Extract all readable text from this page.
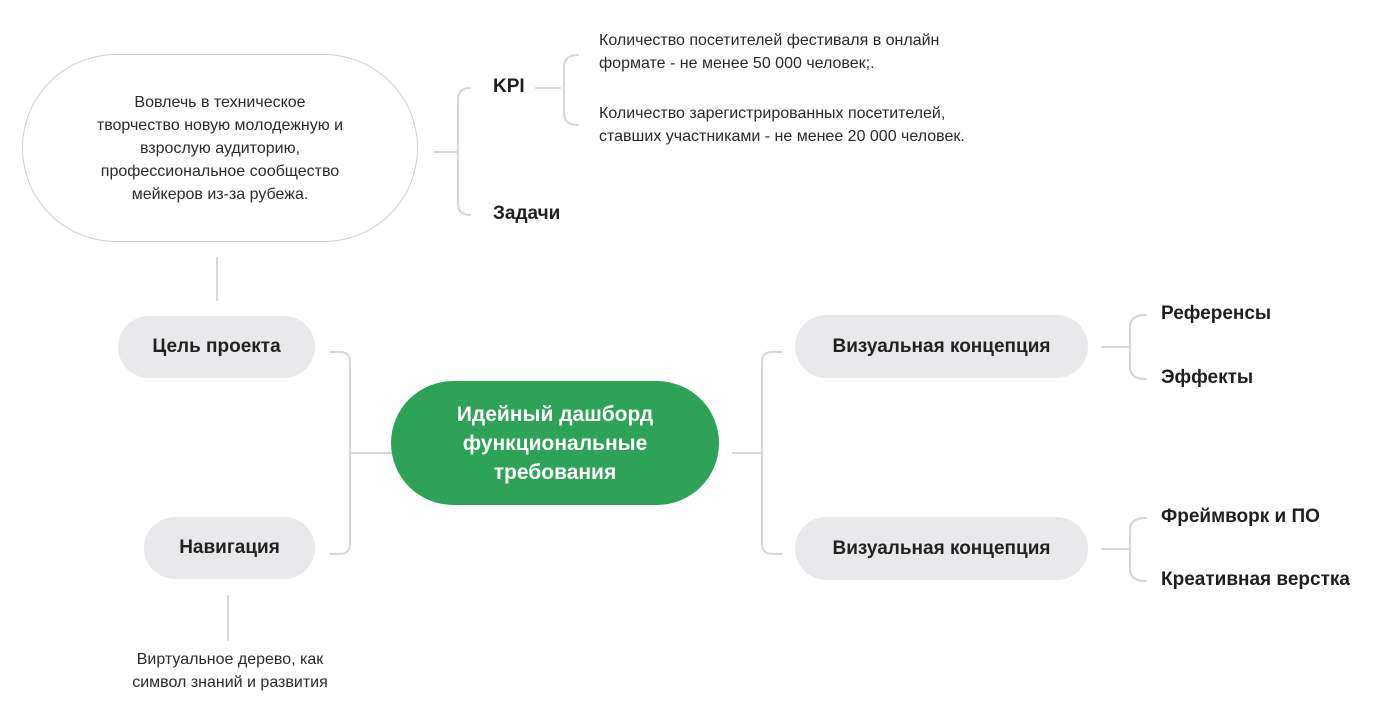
Идейный дашборд
функциональные
требования
Вовлечь в техническое творчество новую молодежную и взрослую аудиторию, профессиональное сообщество мейкеров из-за рубежа.
Цель проекта
Навигация
KPI
Задачи
Количество посетителей фестиваля в онлайн
формате - не менее 50 000 человек;.
Количество зарегистрированных посетителей,
ставших участниками - не менее 20 000 человек.
Виртуальное дерево, как
символ знаний и развития
Визуальная концепция
Визуальная концепция
Референсы
Эффекты
Фреймворк и ПО
Креативная верстка
